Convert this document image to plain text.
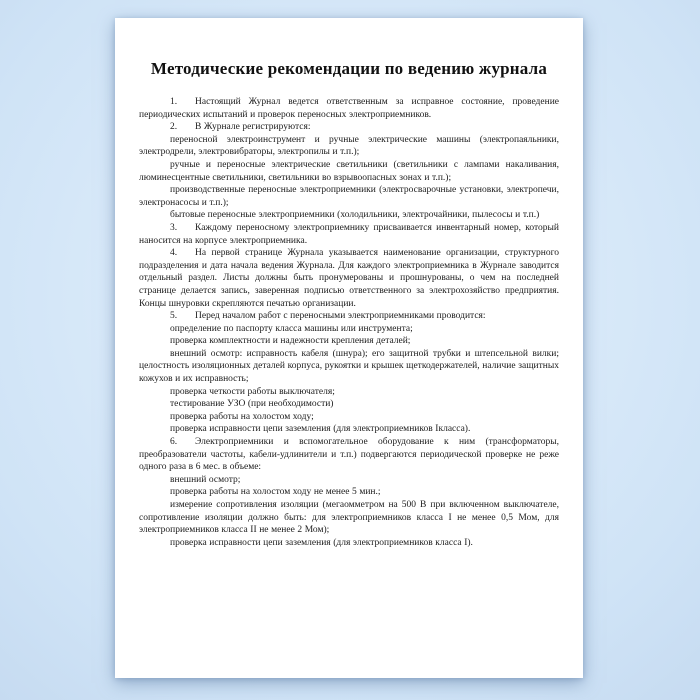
Методические рекомендации по ведению журнала

1. Настоящий Журнал ведется ответственным за исправное состояние, проведение периодических испытаний и проверок переносных электроприемников.

2. В Журнале регистрируются:

переносной электроинструмент и ручные электрические машины (электропаяльники, электродрели, электровибраторы, электропилы и т.п.);

ручные и переносные электрические светильники (светильники с лампами накаливания, люминесцентные светильники, светильники во взрывоопасных зонах и т.п.);

производственные переносные электроприемники (электросварочные установки, электропечи, электронасосы и т.п.);

бытовые переносные электроприемники (холодильники, электрочайники, пылесосы и т.п.)

3. Каждому переносному электроприемнику присваивается инвентарный номер, который наносится на корпусе электроприемника.

4. На первой странице Журнала указывается наименование организации, структурного подразделения и дата начала ведения Журнала. Для каждого электроприемника в Журнале заводится отдельный раздел. Листы должны быть пронумерованы и прошнурованы, о чем на последней странице делается запись, заверенная подписью ответственного за электрохозяйство предприятия. Концы шнуровки скрепляются печатью организации.

5. Перед началом работ с переносными электроприемниками проводится:

определение по паспорту класса машины или инструмента;

проверка комплектности и надежности крепления деталей;

внешний осмотр: исправность кабеля (шнура); его защитной трубки и штепсельной вилки; целостность изоляционных деталей корпуса, рукоятки и крышек щеткодержателей, наличие защитных кожухов и их исправность;

проверка четкости работы выключателя;

тестирование УЗО (при необходимости)

проверка работы на холостом ходу;

проверка исправности цепи заземления (для электроприемников Iкласса).

6. Электроприемники и вспомогательное оборудование к ним (трансформаторы, преобразователи частоты, кабели-удлинители и т.п.) подвергаются периодической проверке не реже одного раза в 6 мес. в объеме:

внешний осмотр;

проверка работы на холостом ходу не менее 5 мин.;

измерение сопротивления изоляции (мегаомметром на 500 В при включенном выключателе, сопротивление изоляции должно быть: для электроприемников класса I не менее 0,5 Мом, для электроприемников класса II не менее 2 Мом);

проверка исправности цепи заземления (для электроприемников класса I).
